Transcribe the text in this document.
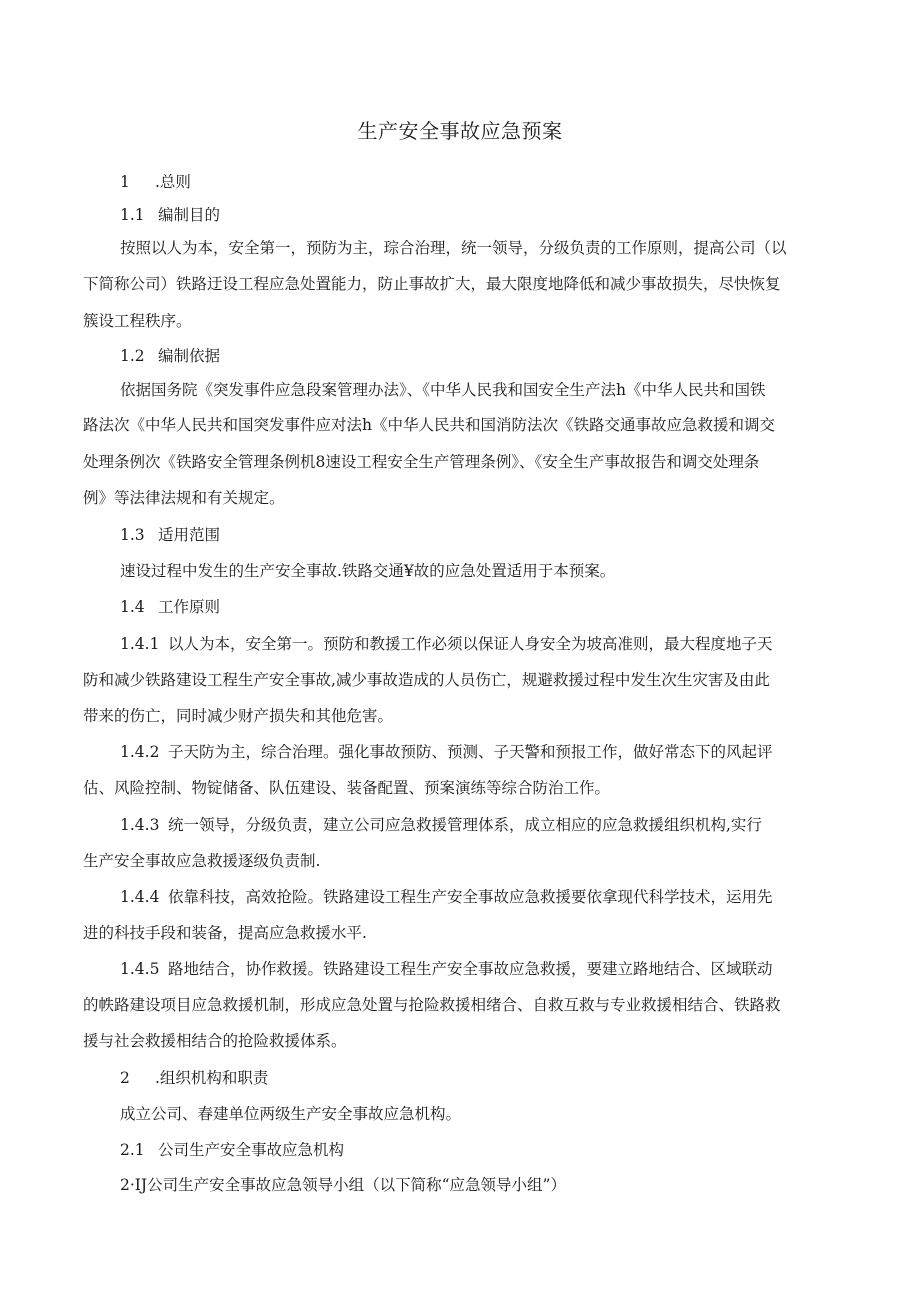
生产安全事故应急预案
1 .总则
1.1 编制目的
按照以人为本，安全第一，预防为主，琮合治理，统一领导，分级负责的工作原则，提高公司（以
下简称公司）铁路迂设工程应急处置能力，防止事故扩大，最大限度地降低和减少事故损失，尽快恢复
簇设工程秩序。
1.2 编制依据
依据国务院《突发事件应急段案管理办法》、《中华人民我和国安全生产法h《中华人民共和国铁
路法次《中华人民共和国突发事件应对法h《中华人民共和国消防法次《铁路交通事故应急救援和调交
处理条例次《铁路安全管理条例机8速设工程安全生产管理条例》、《安全生产事故报告和调交处理条
例》等法律法规和有关规定。
1.3 适用范围
速设过程中发生的生产安全事故.铁路交通¥故的应急处置适用于本预案。
1.4 工作原则
1.4.1 以人为本，安全第一。预防和教援工作必须以保证人身安全为坡高准则，最大程度地子天
防和减少铁路建设工程生产安全事故,减少事故造成的人员伤亡，规避救援过程中发生次生灾害及由此
带来的伤亡，同时减少财产损失和其他危害。
1.4.2 子天防为主，综合治理。强化事故预防、预测、子天警和预报工作，做好常态下的风起评
估、风险控制、物锭储备、队伍建设、装备配置、预案演练等综合防治工作。
1.4.3 统一领导，分级负责，建立公司应急救援管理体系，成立相应的应急救援组织机构,实行
生产安全事故应急救援逐级负责制.
1.4.4 依靠科技，高效抢险。铁路建设工程生产安全事故应急救援要依拿现代科学技术，运用先
进的科技手段和装备，提高应急救援水平.
1.4.5 路地结合，协作救援。铁路建设工程生产安全事故应急救援，要建立路地结合、区域联动
的帙路建设项目应急救援机制，形成应急处置与抢险救援相绪合、自救互救与专业救援相结合、铁路救
援与社会救援相结合的抢险救援体系。
2 .组织机构和职责
成立公司、春建单位两级生产安全事故应急机构。
2.1 公司生产安全事故应急机构
2·IJ公司生产安全事故应急领导小组（以下简称“应急领导小组”）
